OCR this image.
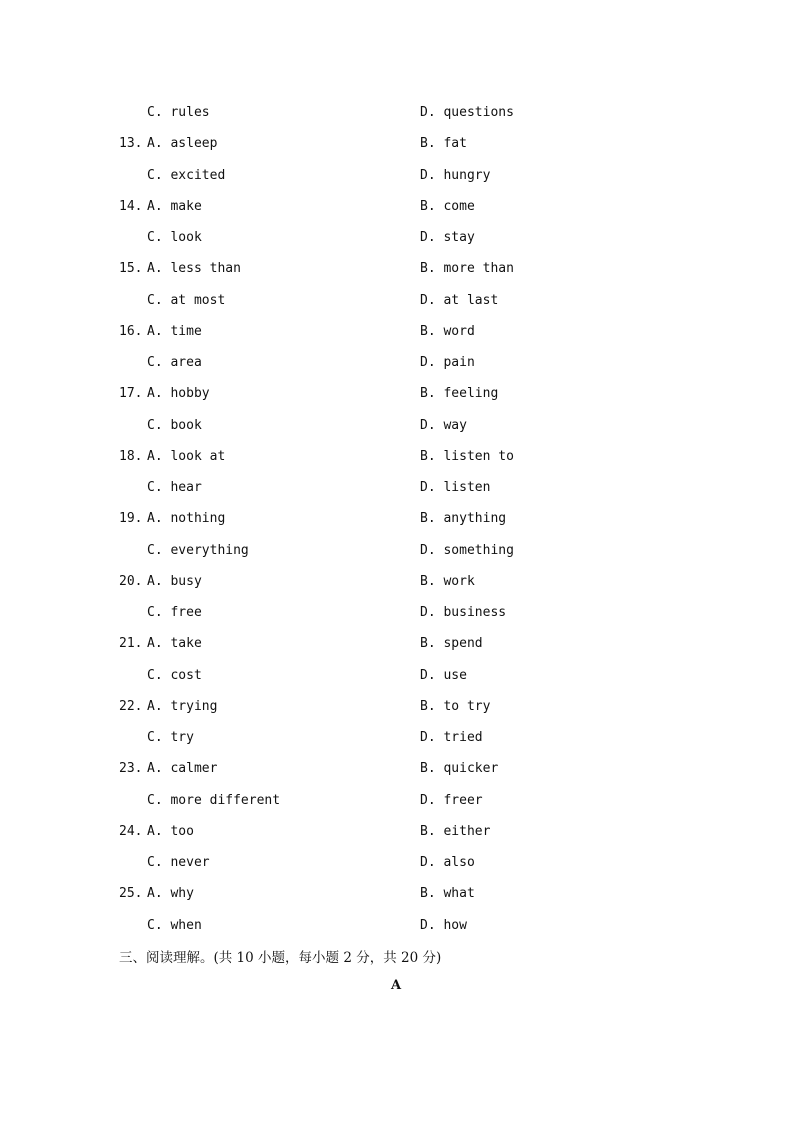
C. rules	D. questions
13. A. asleep	B. fat
C. excited	D. hungry
14. A. make	B. come
C. look	D. stay
15. A. less than	B. more than
C. at most	D. at last
16. A. time	B. word
C. area	D. pain
17. A. hobby	B. feeling
C. book	D. way
18. A. look at	B. listen to
C. hear	D. listen
19. A. nothing	B. anything
C. everything	D. something
20. A. busy	B. work
C. free	D. business
21. A. take	B. spend
C. cost	D. use
22. A. trying	B. to try
C. try	D. tried
23. A. calmer	B. quicker
C. more different	D. freer
24. A. too	B. either
C. never	D. also
25. A. why	B. what
C. when	D. how
三、阅读理解。(共 10 小题，每小题 2 分，共 20 分)
A
